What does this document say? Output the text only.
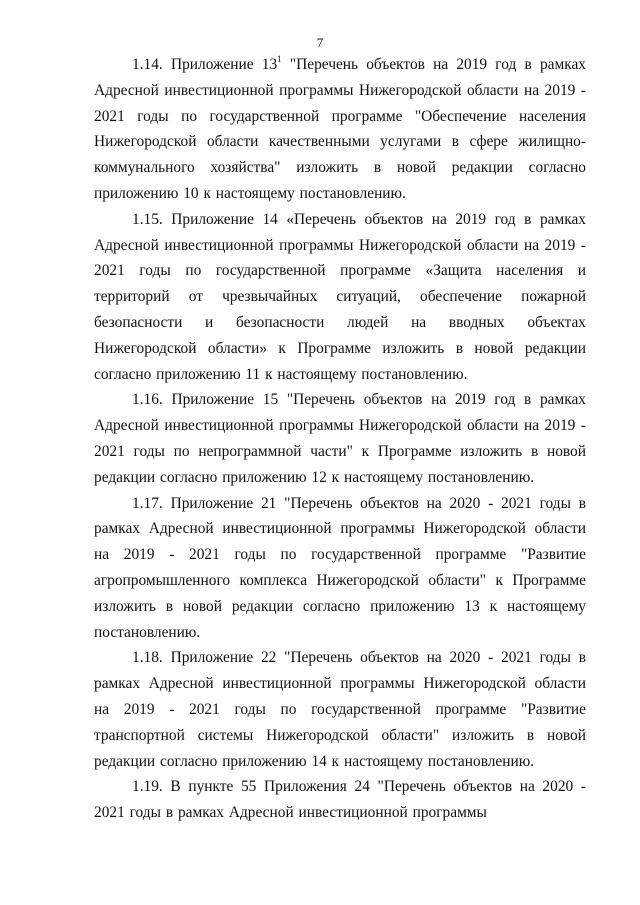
7

1.14. Приложение $13^1$ "Перечень объектов на 2019 год в рамках Адресной инвестиционной программы Нижегородской области на 2019 - 2021 годы по государственной программе "Обеспечение населения Нижегородской области качественными услугами в сфере жилищно-коммунального хозяйства" изложить в новой редакции согласно приложению 10 к настоящему постановлению.

1.15. Приложение 14 «Перечень объектов на 2019 год в рамках Адресной инвестиционной программы Нижегородской области на 2019 - 2021 годы по государственной программе «Защита населения и территорий от чрезвычайных ситуаций, обеспечение пожарной безопасности и безопасности людей на вводных объектах Нижегородской области» к Программе изложить в новой редакции согласно приложению 11 к настоящему постановлению.

1.16. Приложение 15 "Перечень объектов на 2019 год в рамках Адресной инвестиционной программы Нижегородской области на 2019 - 2021 годы по непрограммной части" к Программе изложить в новой редакции согласно приложению 12 к настоящему постановлению.

1.17. Приложение 21 "Перечень объектов на 2020 - 2021 годы в рамках Адресной инвестиционной программы Нижегородской области на 2019 - 2021 годы по государственной программе "Развитие агропромышленного комплекса Нижегородской области" к Программе изложить в новой редакции согласно приложению 13 к настоящему постановлению.

1.18. Приложение 22 "Перечень объектов на 2020 - 2021 годы в рамках Адресной инвестиционной программы Нижегородской области на 2019 - 2021 годы по государственной программе "Развитие транспортной системы Нижегородской области" изложить в новой редакции согласно приложению 14 к настоящему постановлению.

1.19. В пункте 55 Приложения 24 "Перечень объектов на 2020 - 2021 годы в рамках Адресной инвестиционной программы
